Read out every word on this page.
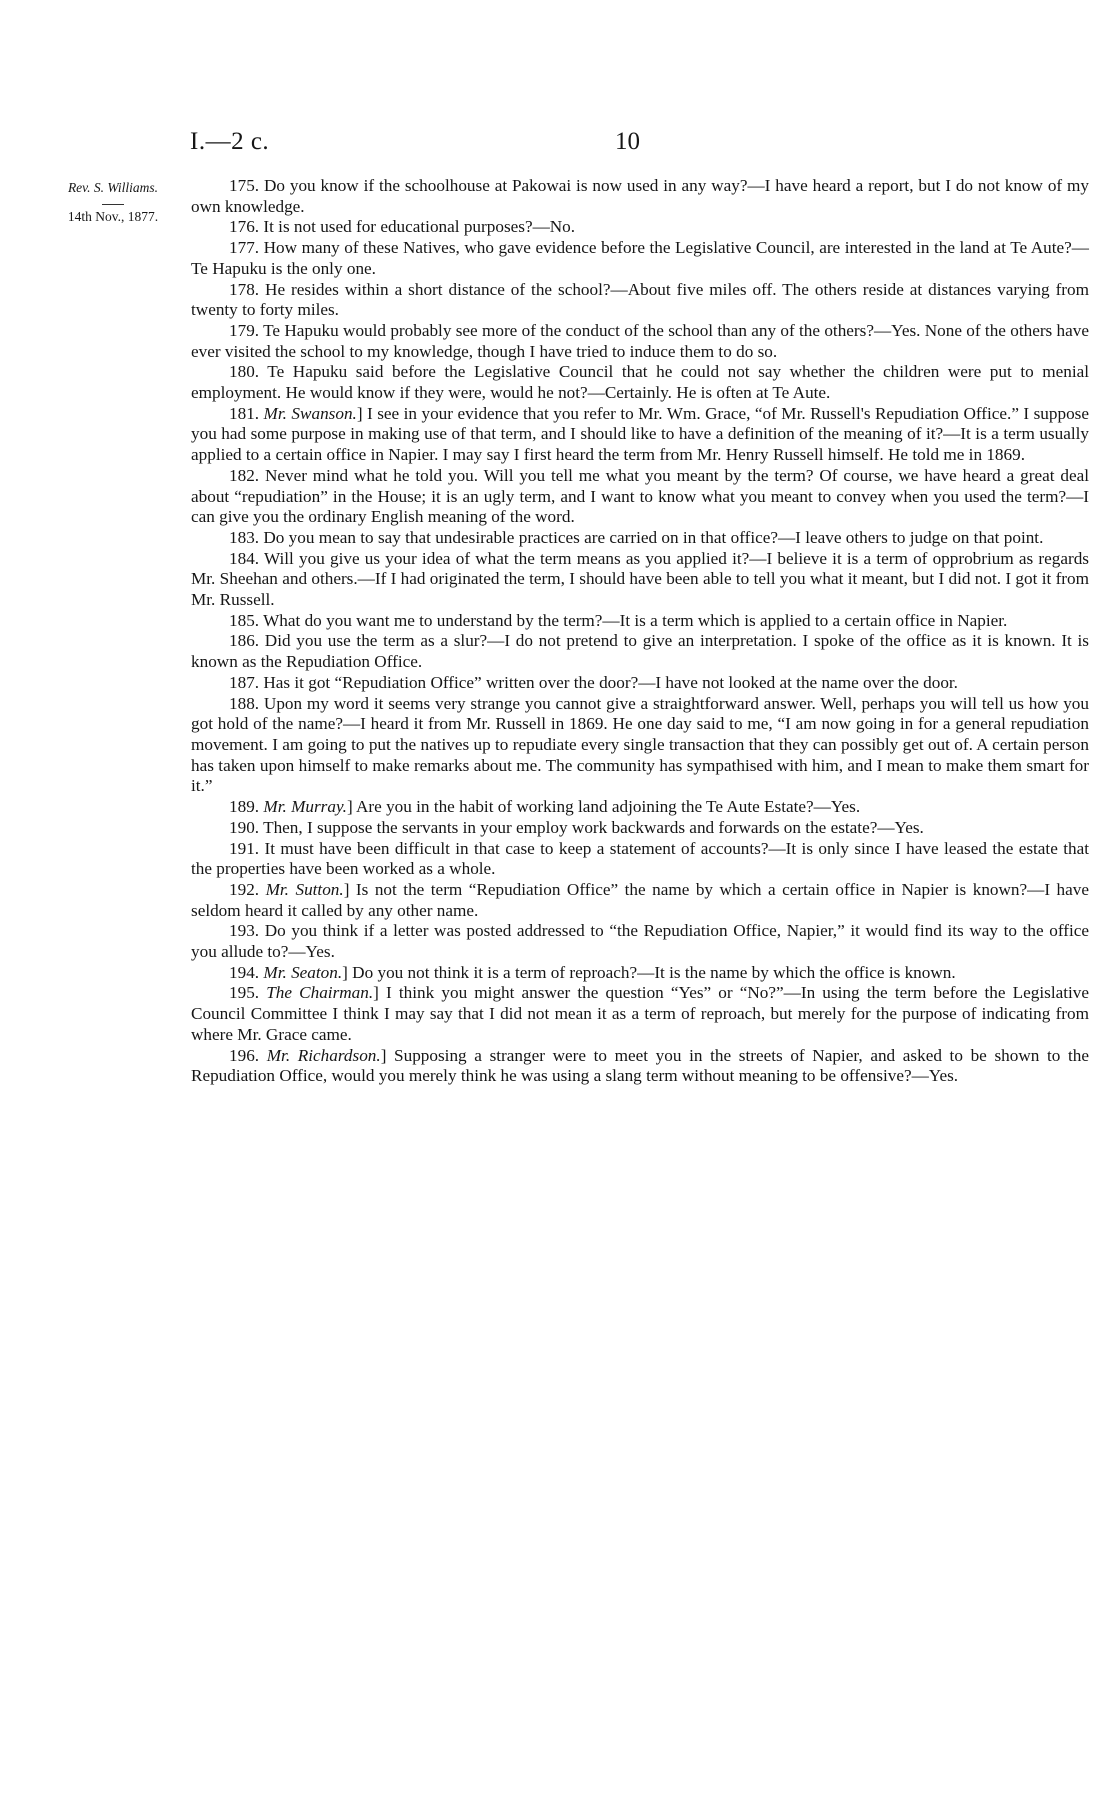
I.—2 c.	10
Rev. S. Williams.
14th Nov., 1877.

175. Do you know if the schoolhouse at Pakowai is now used in any way?—I have heard a report, but I do not know of my own knowledge.

176. It is not used for educational purposes?—No.

177. How many of these Natives, who gave evidence before the Legislative Council, are interested in the land at Te Aute?—Te Hapuku is the only one.

178. He resides within a short distance of the school?—About five miles off. The others reside at distances varying from twenty to forty miles.

179. Te Hapuku would probably see more of the conduct of the school than any of the others?—Yes. None of the others have ever visited the school to my knowledge, though I have tried to induce them to do so.

180. Te Hapuku said before the Legislative Council that he could not say whether the children were put to menial employment. He would know if they were, would he not?—Certainly. He is often at Te Aute.

181. Mr. Swanson.] I see in your evidence that you refer to Mr. Wm. Grace, “of Mr. Russell's Repudiation Office.” I suppose you had some purpose in making use of that term, and I should like to have a definition of the meaning of it?—It is a term usually applied to a certain office in Napier. I may say I first heard the term from Mr. Henry Russell himself. He told me in 1869.

182. Never mind what he told you. Will you tell me what you meant by the term? Of course, we have heard a great deal about “repudiation” in the House; it is an ugly term, and I want to know what you meant to convey when you used the term?—I can give you the ordinary English meaning of the word.

183. Do you mean to say that undesirable practices are carried on in that office?—I leave others to judge on that point.

184. Will you give us your idea of what the term means as you applied it?—I believe it is a term of opprobrium as regards Mr. Sheehan and others.—If I had originated the term, I should have been able to tell you what it meant, but I did not. I got it from Mr. Russell.

185. What do you want me to understand by the term?—It is a term which is applied to a certain office in Napier.

186. Did you use the term as a slur?—I do not pretend to give an interpretation. I spoke of the office as it is known. It is known as the Repudiation Office.

187. Has it got “Repudiation Office” written over the door?—I have not looked at the name over the door.

188. Upon my word it seems very strange you cannot give a straightforward answer. Well, perhaps you will tell us how you got hold of the name?—I heard it from Mr. Russell in 1869. He one day said to me, “I am now going in for a general repudiation movement. I am going to put the natives up to repudiate every single transaction that they can possibly get out of. A certain person has taken upon himself to make remarks about me. The community has sympathised with him, and I mean to make them smart for it.”

189. Mr. Murray.] Are you in the habit of working land adjoining the Te Aute Estate?—Yes.

190. Then, I suppose the servants in your employ work backwards and forwards on the estate?—Yes.

191. It must have been difficult in that case to keep a statement of accounts?—It is only since I have leased the estate that the properties have been worked as a whole.

192. Mr. Sutton.] Is not the term “Repudiation Office” the name by which a certain office in Napier is known?—I have seldom heard it called by any other name.

193. Do you think if a letter was posted addressed to “the Repudiation Office, Napier,” it would find its way to the office you allude to?—Yes.

194. Mr. Seaton.] Do you not think it is a term of reproach?—It is the name by which the office is known.

195. The Chairman.] I think you might answer the question “Yes” or “No?”—In using the term before the Legislative Council Committee I think I may say that I did not mean it as a term of reproach, but merely for the purpose of indicating from where Mr. Grace came.

196. Mr. Richardson.] Supposing a stranger were to meet you in the streets of Napier, and asked to be shown to the Repudiation Office, would you merely think he was using a slang term without meaning to be offensive?—Yes.
